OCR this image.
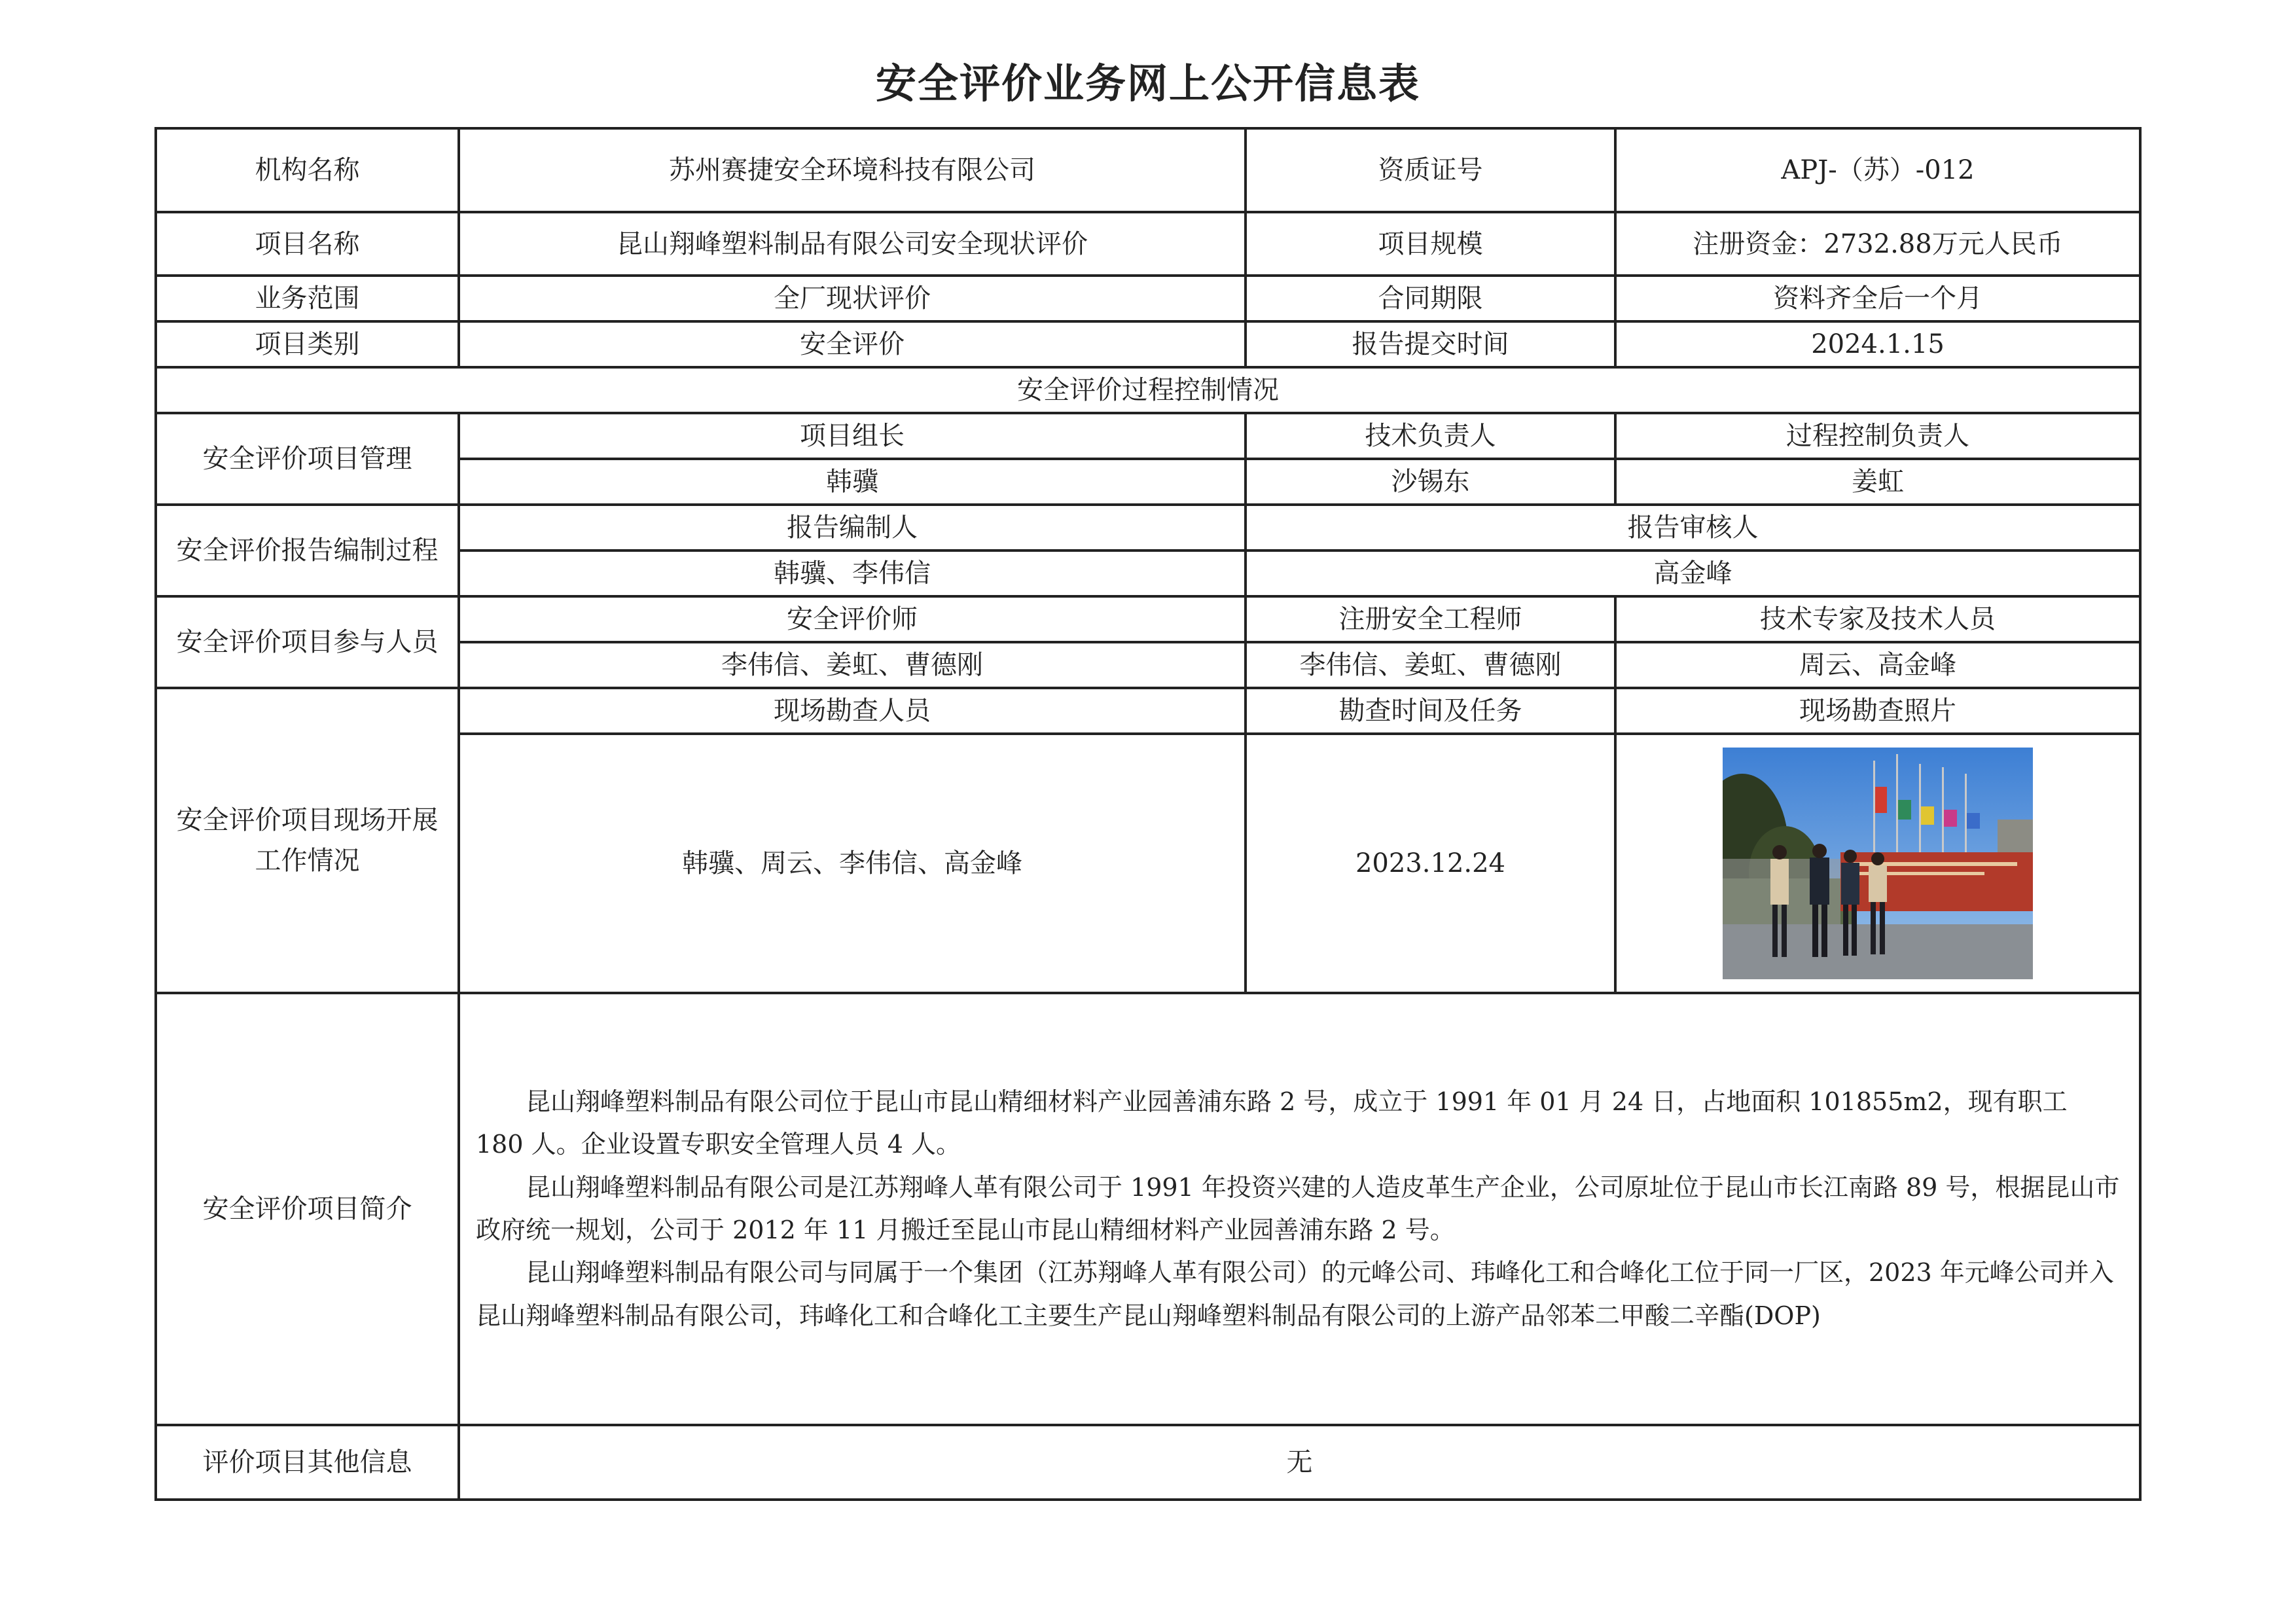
安全评价业务网上公开信息表
机构名称	苏州赛捷安全环境科技有限公司	资质证号	APJ-（苏）-012
项目名称	昆山翔峰塑料制品有限公司安全现状评价	项目规模	注册资金：2732.88万元人民币
业务范围	全厂现状评价	合同期限	资料齐全后一个月
项目类别	安全评价	报告提交时间	2024.1.15
安全评价过程控制情况			
安全评价项目管理	项目组长	技术负责人	过程控制负责人
	韩骥	沙锡东	姜虹
安全评价报告编制过程	报告编制人	报告审核人	
	韩骥、李伟信	高金峰	
安全评价项目参与人员	安全评价师	注册安全工程师	技术专家及技术人员
	李伟信、姜虹、曹德刚	李伟信、姜虹、曹德刚	周云、高金峰
安全评价项目现场开展
工作情况	现场勘查人员	勘查时间及任务	现场勘查照片
	韩骥、周云、李伟信、高金峰	2023.12.24	

安全评价项目简介	昆山翔峰塑料制品有限公司位于昆山市昆山精细材料产业园善浦东路 2 号，成立于 1991 年 01 月 24 日，占地面积 101855m2，现有职工 180 人。企业设置专职安全管理人员 4 人。

昆山翔峰塑料制品有限公司是江苏翔峰人革有限公司于 1991 年投资兴建的人造皮革生产企业，公司原址位于昆山市长江南路 89 号，根据昆山市政府统一规划，公司于 2012 年 11 月搬迁至昆山市昆山精细材料产业园善浦东路 2 号。

昆山翔峰塑料制品有限公司与同属于一个集团（江苏翔峰人革有限公司）的元峰公司、玮峰化工和合峰化工位于同一厂区，2023 年元峰公司并入昆山翔峰塑料制品有限公司，玮峰化工和合峰化工主要生产昆山翔峰塑料制品有限公司的上游产品邻苯二甲酸二辛酯(DOP)		

评价项目其他信息	无		
